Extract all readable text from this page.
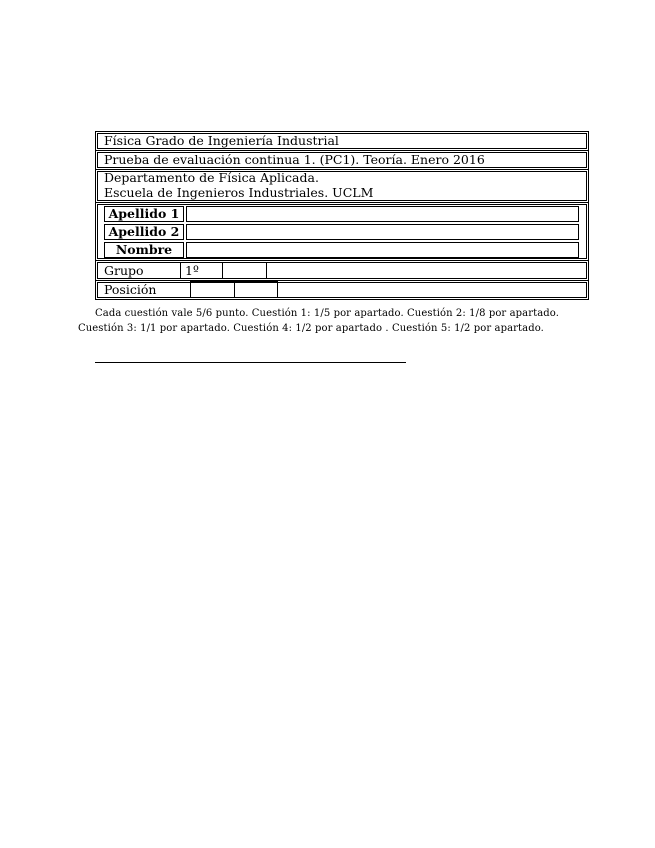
Física Grado de Ingeniería Industrial
Prueba de evaluación continua 1. (PC1). Teoría. Enero 2016
Departamento de Física Aplicada.
Escuela de Ingenieros Industriales. UCLM
Apellido 1
Apellido 2
Nombre
Grupo	1º
Posición
Cada cuestión vale 5/6 punto. Cuestión 1: 1/5 por apartado. Cuestión 2: 1/8 por apartado.
Cuestión 3: 1/1 por apartado. Cuestión 4: 1/2 por apartado . Cuestión 5: 1/2 por apartado.
